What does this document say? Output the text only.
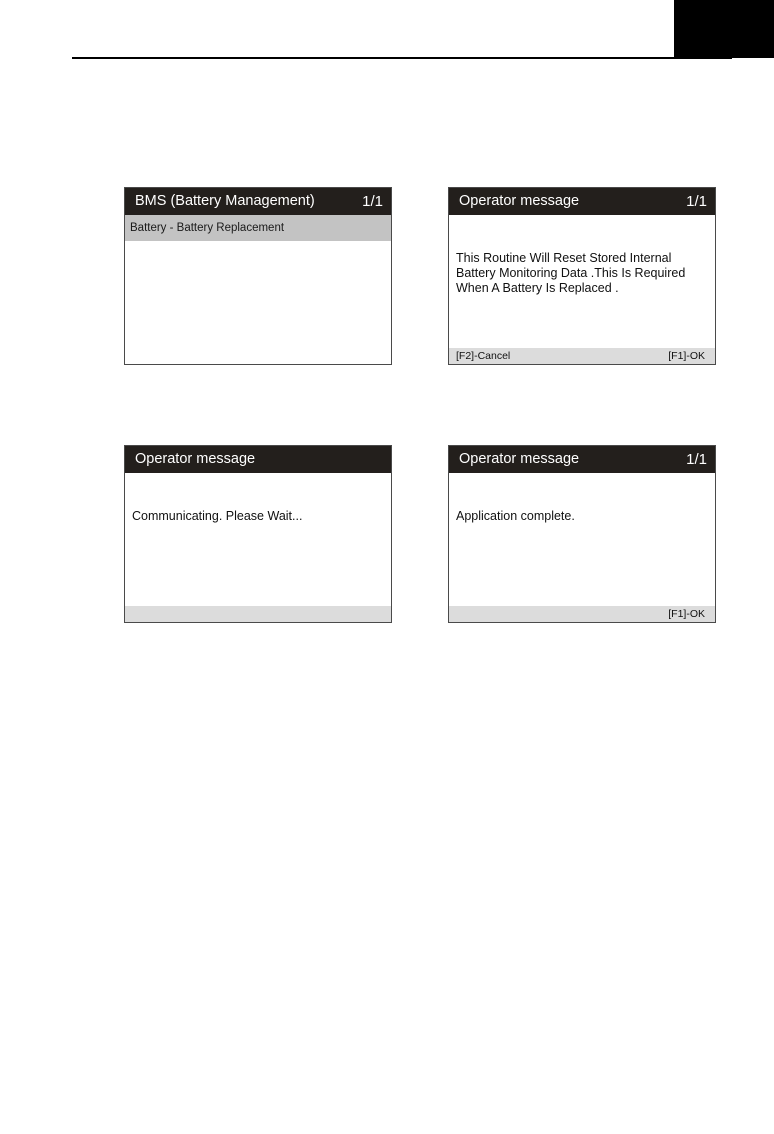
BMS (Battery Management)	1/1
Battery - Battery Replacement
Operator message	1/1
This Routine Will Reset Stored Internal
Battery Monitoring Data .This Is Required
When A Battery Is Replaced .
[F2]-Cancel	[F1]-OK
Operator message
Communicating. Please Wait...
Operator message	1/1
Application complete.
[F1]-OK
